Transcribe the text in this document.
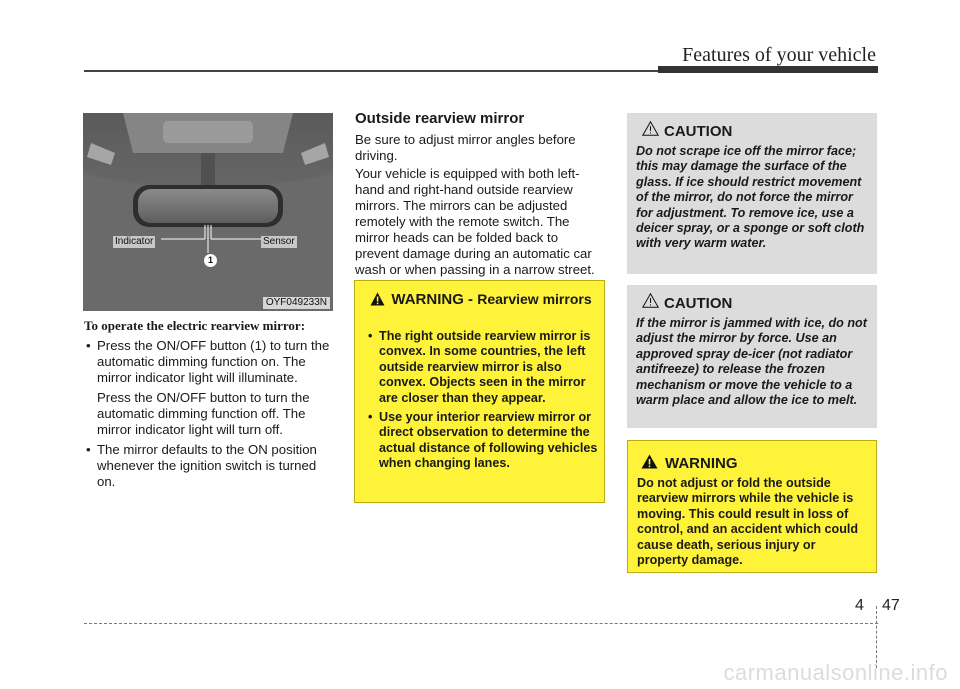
Features of your vehicle
Indicator	Sensor
OYF049233N
1
To operate the electric rearview mirror:
• Press the ON/OFF button (1) to turn the automatic dimming function on. The mirror indicator light will illuminate.
Press the ON/OFF button to turn the automatic dimming function off. The mirror indicator light will turn off.
• The mirror defaults to the ON position whenever the ignition switch is turned on.
Outside rearview mirror
Be sure to adjust mirror angles before driving.
Your vehicle is equipped with both left-hand and right-hand outside rearview mirrors. The mirrors can be adjusted remotely with the remote switch. The mirror heads can be folded back to prevent damage during an automatic car wash or when passing in a narrow street.
WARNING - Rearview mirrors
• The right outside rearview mirror is convex. In some countries, the left outside rearview mirror is also convex. Objects seen in the mirror are closer than they appear.
• Use your interior rearview mirror or direct observation to determine the actual distance of following vehicles when changing lanes.
CAUTION
Do not scrape ice off the mirror face; this may damage the surface of the glass. If ice should restrict movement of the mirror, do not force the mirror for adjustment. To remove ice, use a deicer spray, or a sponge or soft cloth with very warm water.
CAUTION
If the mirror is jammed with ice, do not adjust the mirror by force. Use an approved spray de-icer (not radiator antifreeze) to release the frozen mechanism or move the vehicle to a warm place and allow the ice to melt.
WARNING
Do not adjust or fold the outside rearview mirrors while the vehicle is moving. This could result in loss of control, and an accident which could cause death, serious injury or property damage.
4 47
carmanualsonline.info
